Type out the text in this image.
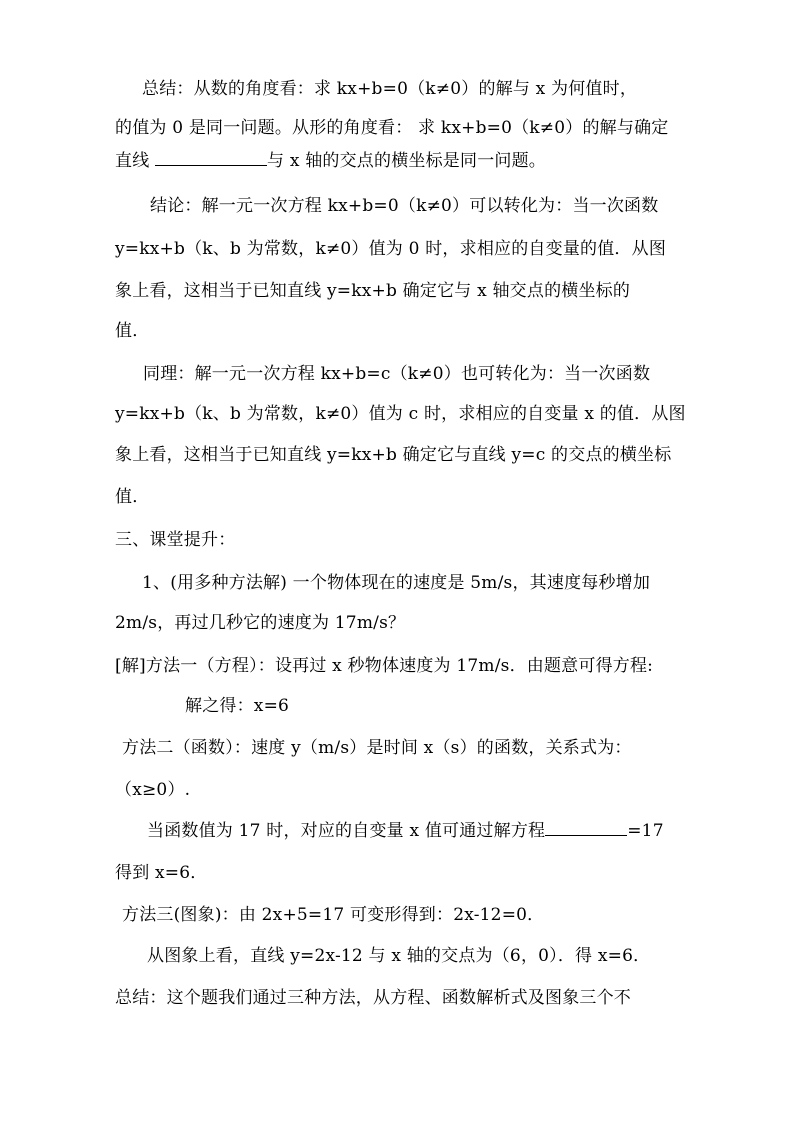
总结：从数的角度看：求 kx+b=0（k≠0）的解与 x 为何值时，
的值为 0 是同一问题。从形的角度看： 求 kx+b=0（k≠0）的解与确定
直线	与 x 轴的交点的横坐标是同一问题。
结论：解一元一次方程 kx+b=0（k≠0）可以转化为：当一次函数
y=kx+b（k、b 为常数，k≠0）值为 0 时，求相应的自变量的值．从图
象上看，这相当于已知直线 y=kx+b 确定它与 x 轴交点的横坐标的
值．
同理：解一元一次方程 kx+b=c（k≠0）也可转化为：当一次函数
y=kx+b（k、b 为常数，k≠0）值为 c 时，求相应的自变量 x 的值．从图
象上看，这相当于已知直线 y=kx+b 确定它与直线 y=c 的交点的横坐标
值．
三、课堂提升：
1、(用多种方法解) 一个物体现在的速度是 5m/s，其速度每秒增加
2m/s，再过几秒它的速度为 17m/s？
[解]方法一（方程）：设再过 x 秒物体速度为 17m/s．由题意可得方程:
解之得：x=6
方法二（函数）：速度 y（m/s）是时间 x（s）的函数，关系式为：
（x≥0）.
当函数值为 17 时，对应的自变量 x 值可通过解方程	=17
得到 x=6．
方法三(图象)：由 2x+5=17 可变形得到：2x-12=0．
从图象上看，直线 y=2x-12 与 x 轴的交点为（6，0）．得 x=6．
总结：这个题我们通过三种方法，从方程、函数解析式及图象三个不
